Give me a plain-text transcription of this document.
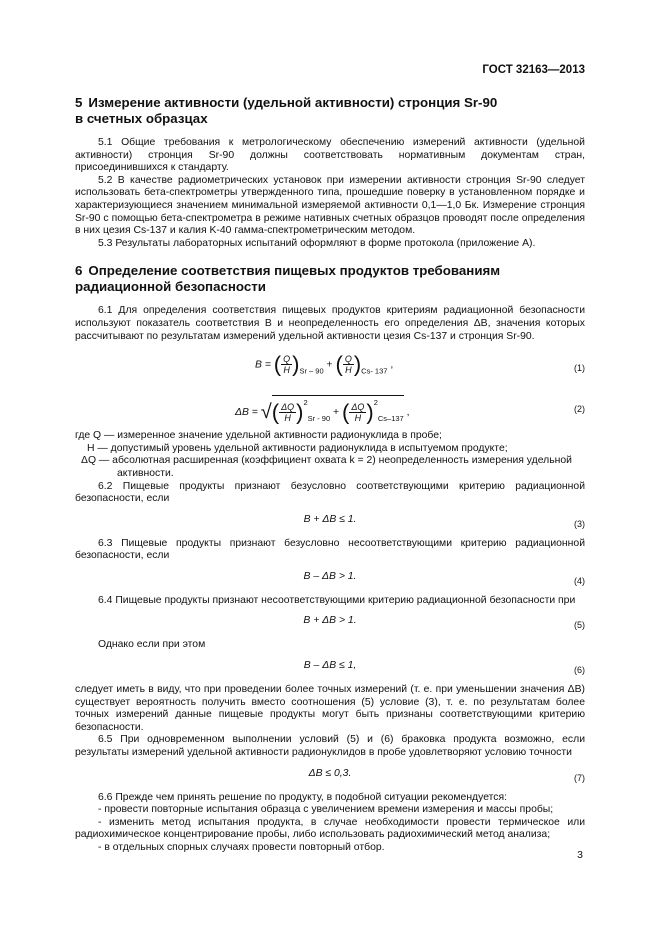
ГОСТ 32163—2013
5 Измерение активности (удельной активности) стронция Sr-90
в счетных образцах

5.1 Общие требования к метрологическому обеспечению измерений активности (удельной активности) стронция Sr-90 должны соответствовать нормативным документам стран, присоединившихся к стандарту.

5.2 В качестве радиометрических установок при измерении активности стронция Sr-90 следует использовать бета-спектрометры утвержденного типа, прошедшие поверку в установленном порядке и характеризующиеся значением минимальной измеряемой активности 0,1—1,0 Бк. Измерение стронция Sr-90 с помощью бета-спектрометра в режиме нативных счетных образцов проводят после определения в них цезия Cs-137 и калия K-40 гамма-спектрометрическим методом.

5.3 Результаты лабораторных испытаний оформляют в форме протокола (приложение А).

6 Определение соответствия пищевых продуктов требованиям
радиационной безопасности

6.1 Для определения соответствия пищевых продуктов критериям радиационной безопасности используют показатель соответствия B и неопределенность его определения ΔB, значения которых рассчитывают по результатам измерений удельной активности цезия Cs-137 и стронция Sr-90.

B = ( $\frac{Q}{H} )_{Sr - 90}$ + ( $\frac{Q}{H} )_{Cs- 137}$ ,	(1)
ΔB = √( $\frac{\Delta Q}{H} )^2_{Sr - 90}$ + ( $\frac{\Delta Q}{H} )^2_{Cs-137}$ ,	(2)
где Q — измеренное значение удельной активности радионуклида в пробе;
H — допустимый уровень удельной активности радионуклида в испытуемом продукте;
ΔQ — абсолютная расширенная (коэффициент охвата k = 2) неопределенность измерения удельной
активности.

6.2 Пищевые продукты признают безусловно соответствующими критерию радиационной безопасности, если

B + ΔB ≤ 1.	(3)

6.3 Пищевые продукты признают безусловно несоответствующими критерию радиационной безопасности, если

B – ΔB > 1.	(4)

6.4 Пищевые продукты признают несоответствующими критерию радиационной безопасности при

B + ΔB > 1.	(5)

Однако если при этом

B – ΔB ≤ 1,	(6)

следует иметь в виду, что при проведении более точных измерений (т. е. при уменьшении значения ΔB) существует вероятность получить вместо соотношения (5) условие (3), т. е. по результатам более точных измерений данные пищевые продукты могут быть признаны соответствующими критерию безопасности.

6.5 При одновременном выполнении условий (5) и (6) браковка продукта возможно, если результаты измерений удельной активности радионуклидов в пробе удовлетворяют условию точности

ΔB ≤ 0,3.	(7)

6.6 Прежде чем принять решение по продукту, в подобной ситуации рекомендуется:

- провести повторные испытания образца с увеличением времени измерения и массы пробы;

- изменить метод испытания продукта, в случае необходимости провести термическое или радиохимическое концентрирование пробы, либо использовать радиохимический метод анализа;

- в отдельных спорных случаях провести повторный отбор.

3
